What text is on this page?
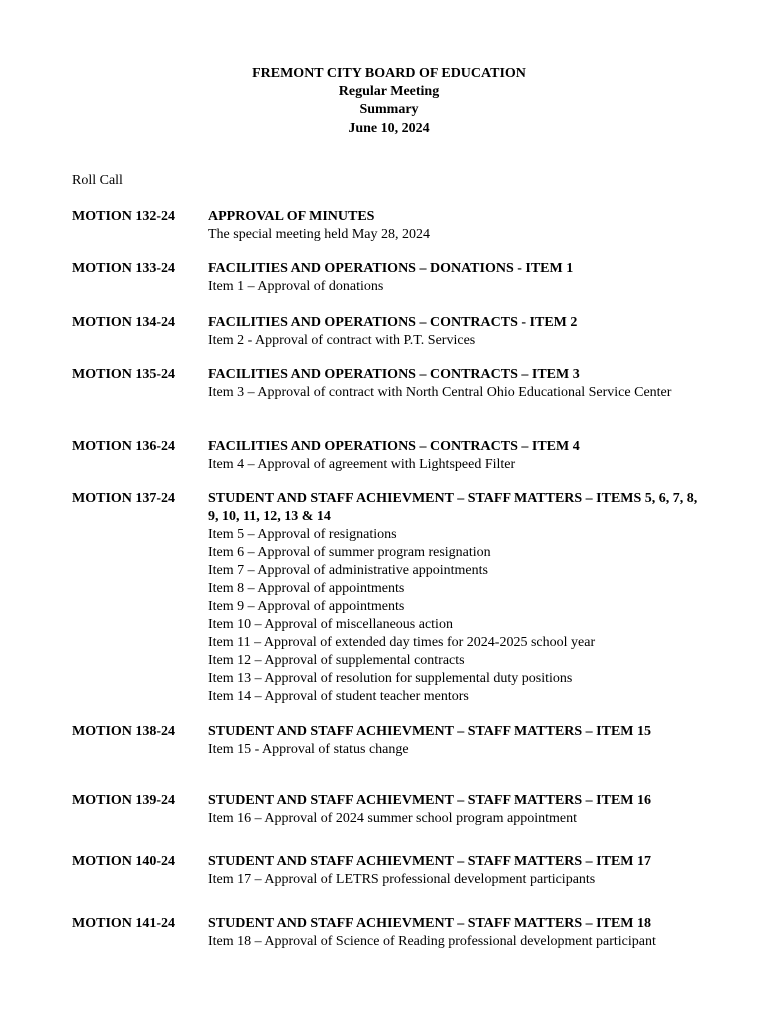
FREMONT CITY BOARD OF EDUCATION
Regular Meeting
Summary
June 10, 2024
Roll Call
MOTION 132-24 APPROVAL OF MINUTES
The special meeting held May 28, 2024
MOTION 133-24 FACILITIES AND OPERATIONS – DONATIONS - ITEM 1
Item 1 – Approval of donations
MOTION 134-24 FACILITIES AND OPERATIONS – CONTRACTS - ITEM 2
Item 2 - Approval of contract with P.T. Services
MOTION 135-24 FACILITIES AND OPERATIONS – CONTRACTS – ITEM 3
Item 3 – Approval of contract with North Central Ohio Educational Service Center
MOTION 136-24 FACILITIES AND OPERATIONS – CONTRACTS – ITEM 4
Item 4 – Approval of agreement with Lightspeed Filter
MOTION 137-24 STUDENT AND STAFF ACHIEVMENT – STAFF MATTERS – ITEMS 5, 6, 7, 8, 9, 10, 11, 12, 13 & 14
Item 5 – Approval of resignations
Item 6 – Approval of summer program resignation
Item 7 – Approval of administrative appointments
Item 8 – Approval of appointments
Item 9 – Approval of appointments
Item 10 – Approval of miscellaneous action
Item 11 – Approval of extended day times for 2024-2025 school year
Item 12 – Approval of supplemental contracts
Item 13 – Approval of resolution for supplemental duty positions
Item 14 – Approval of student teacher mentors
MOTION 138-24 STUDENT AND STAFF ACHIEVMENT – STAFF MATTERS – ITEM 15
Item 15 - Approval of status change
MOTION 139-24 STUDENT AND STAFF ACHIEVMENT – STAFF MATTERS – ITEM 16
Item 16 – Approval of 2024 summer school program appointment
MOTION 140-24 STUDENT AND STAFF ACHIEVMENT – STAFF MATTERS – ITEM 17
Item 17 – Approval of LETRS professional development participants
MOTION 141-24 STUDENT AND STAFF ACHIEVMENT – STAFF MATTERS – ITEM 18
Item 18 – Approval of Science of Reading professional development participant
